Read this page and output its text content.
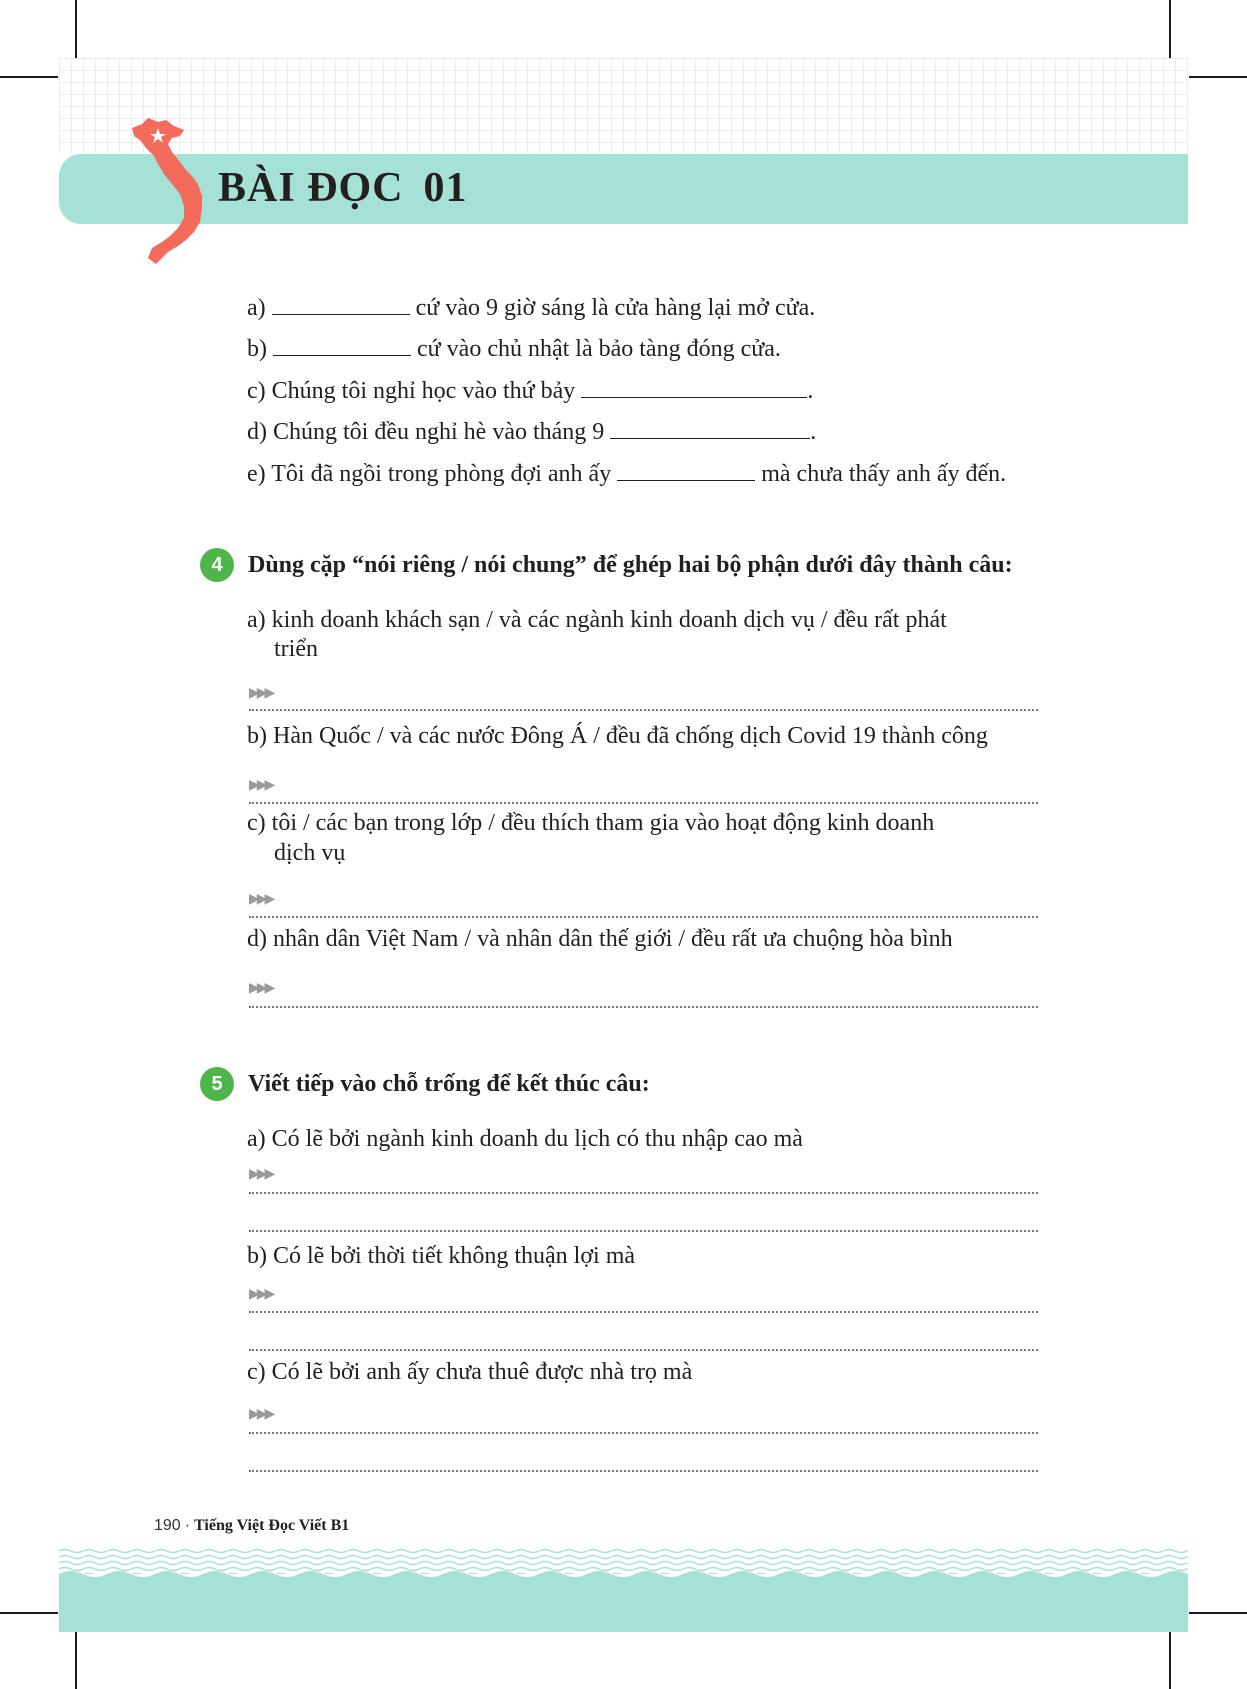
BÀI ĐỌC 01
a)	cứ vào 9 giờ sáng là cửa hàng lại mở cửa.
b)	cứ vào chủ nhật là bảo tàng đóng cửa.
c) Chúng tôi nghỉ học vào thứ bảy	.
d) Chúng tôi đều nghỉ hè vào tháng 9	.
e) Tôi đã ngồi trong phòng đợi anh ấy	mà chưa thấy anh ấy đến.
4	Dùng cặp “nói riêng / nói chung” để ghép hai bộ phận dưới đây thành câu:
a) kinh doanh khách sạn / và các ngành kinh doanh dịch vụ / đều rất phát
triển
▶▶▶
b) Hàn Quốc / và các nước Đông Á / đều đã chống dịch Covid 19 thành công
▶▶▶
c) tôi / các bạn trong lớp / đều thích tham gia vào hoạt động kinh doanh
dịch vụ
▶▶▶
d) nhân dân Việt Nam / và nhân dân thế giới / đều rất ưa chuộng hòa bình
▶▶▶
5	Viết tiếp vào chỗ trống để kết thúc câu:
a) Có lẽ bởi ngành kinh doanh du lịch có thu nhập cao mà
▶▶▶
b) Có lẽ bởi thời tiết không thuận lợi mà
▶▶▶
c) Có lẽ bởi anh ấy chưa thuê được nhà trọ mà
▶▶▶
190 · Tiếng Việt Đọc Viết B1
